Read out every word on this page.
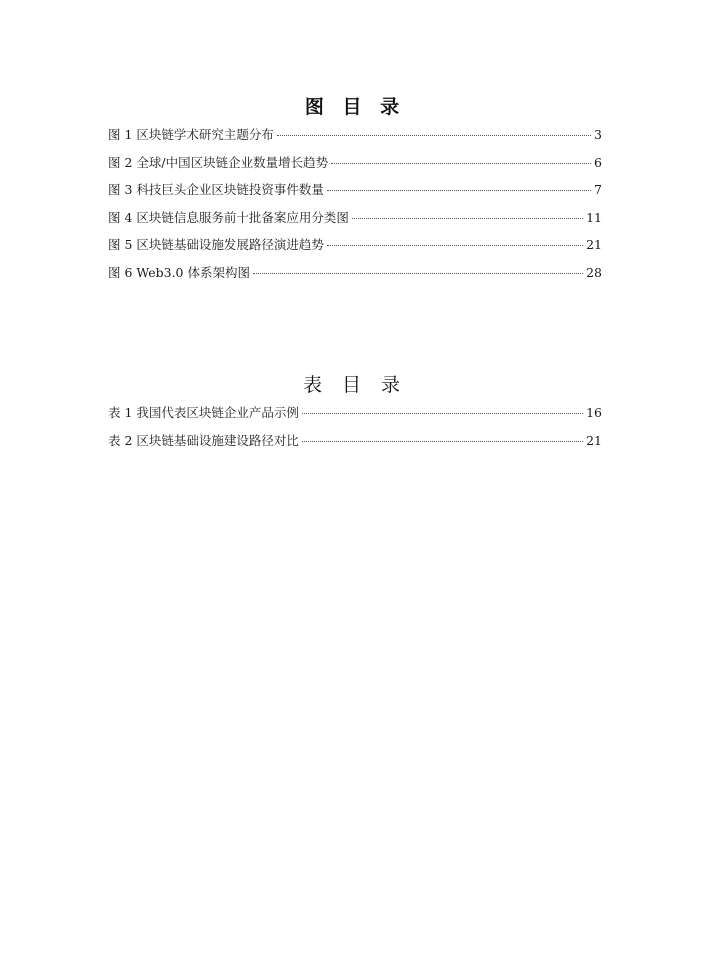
图 目 录
图 1 区块链学术研究主题分布	3
图 2 全球/中国区块链企业数量增长趋势	6
图 3 科技巨头企业区块链投资事件数量	7
图 4 区块链信息服务前十批备案应用分类图	11
图 5 区块链基础设施发展路径演进趋势	21
图 6 Web3.0 体系架构图	28
表 目 录
表 1 我国代表区块链企业产品示例	16
表 2 区块链基础设施建设路径对比	21
